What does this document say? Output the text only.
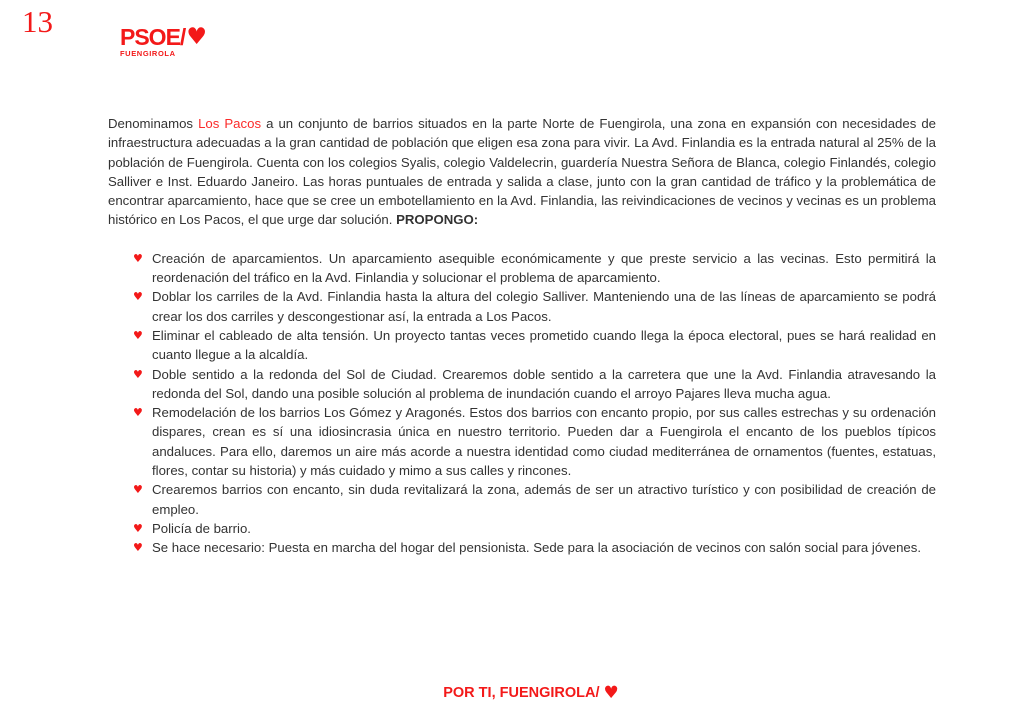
13	PSOE/ ♥
FUENGIROLA

Denominamos Los Pacos a un conjunto de barrios situados en la parte Norte de Fuengirola, una zona en expansión con necesidades de infraestructura adecuadas a la gran cantidad de población que eligen esa zona para vivir. La Avd. Finlandia es la entrada natural al 25% de la población de Fuengirola. Cuenta con los colegios Syalis, colegio Valdelecrin, guardería Nuestra Señora de Blanca, colegio Finlandés, colegio Salliver e Inst. Eduardo Janeiro. Las horas puntuales de entrada y salida a clase, junto con la gran cantidad de tráfico y la problemática de encontrar aparcamiento, hace que se cree un embotellamiento en la Avd. Finlandia, las reivindicaciones de vecinos y vecinas es un problema histórico en Los Pacos, el que urge dar solución. PROPONGO:

♥ Creación de aparcamientos. Un aparcamiento asequible económicamente y que preste servicio a las vecinas. Esto permitirá la reordenación del tráfico en la Avd. Finlandia y solucionar el problema de aparcamiento.
♥ Doblar los carriles de la Avd. Finlandia hasta la altura del colegio Salliver. Manteniendo una de las líneas de aparcamiento se podrá crear los dos carriles y descongestionar así, la entrada a Los Pacos.
♥ Eliminar el cableado de alta tensión. Un proyecto tantas veces prometido cuando llega la época electoral, pues se hará realidad en cuanto llegue a la alcaldía.
♥ Doble sentido a la redonda del Sol de Ciudad. Crearemos doble sentido a la carretera que une la Avd. Finlandia atravesando la redonda del Sol, dando una posible solución al problema de inundación cuando el arroyo Pajares lleva mucha agua.
♥ Remodelación de los barrios Los Gómez y Aragonés. Estos dos barrios con encanto propio, por sus calles estrechas y su ordenación dispares, crean es sí una idiosincrasia única en nuestro territorio. Pueden dar a Fuengirola el encanto de los pueblos típicos andaluces. Para ello, daremos un aire más acorde a nuestra identidad como ciudad mediterránea de ornamentos (fuentes, estatuas, flores, contar su historia) y más cuidado y mimo a sus calles y rincones.
♥ Crearemos barrios con encanto, sin duda revitalizará la zona, además de ser un atractivo turístico y con posibilidad de creación de empleo.
♥ Policía de barrio.
♥ Se hace necesario: Puesta en marcha del hogar del pensionista. Sede para la asociación de vecinos con salón social para jóvenes.
POR TI, FUENGIROLA/ ♥
